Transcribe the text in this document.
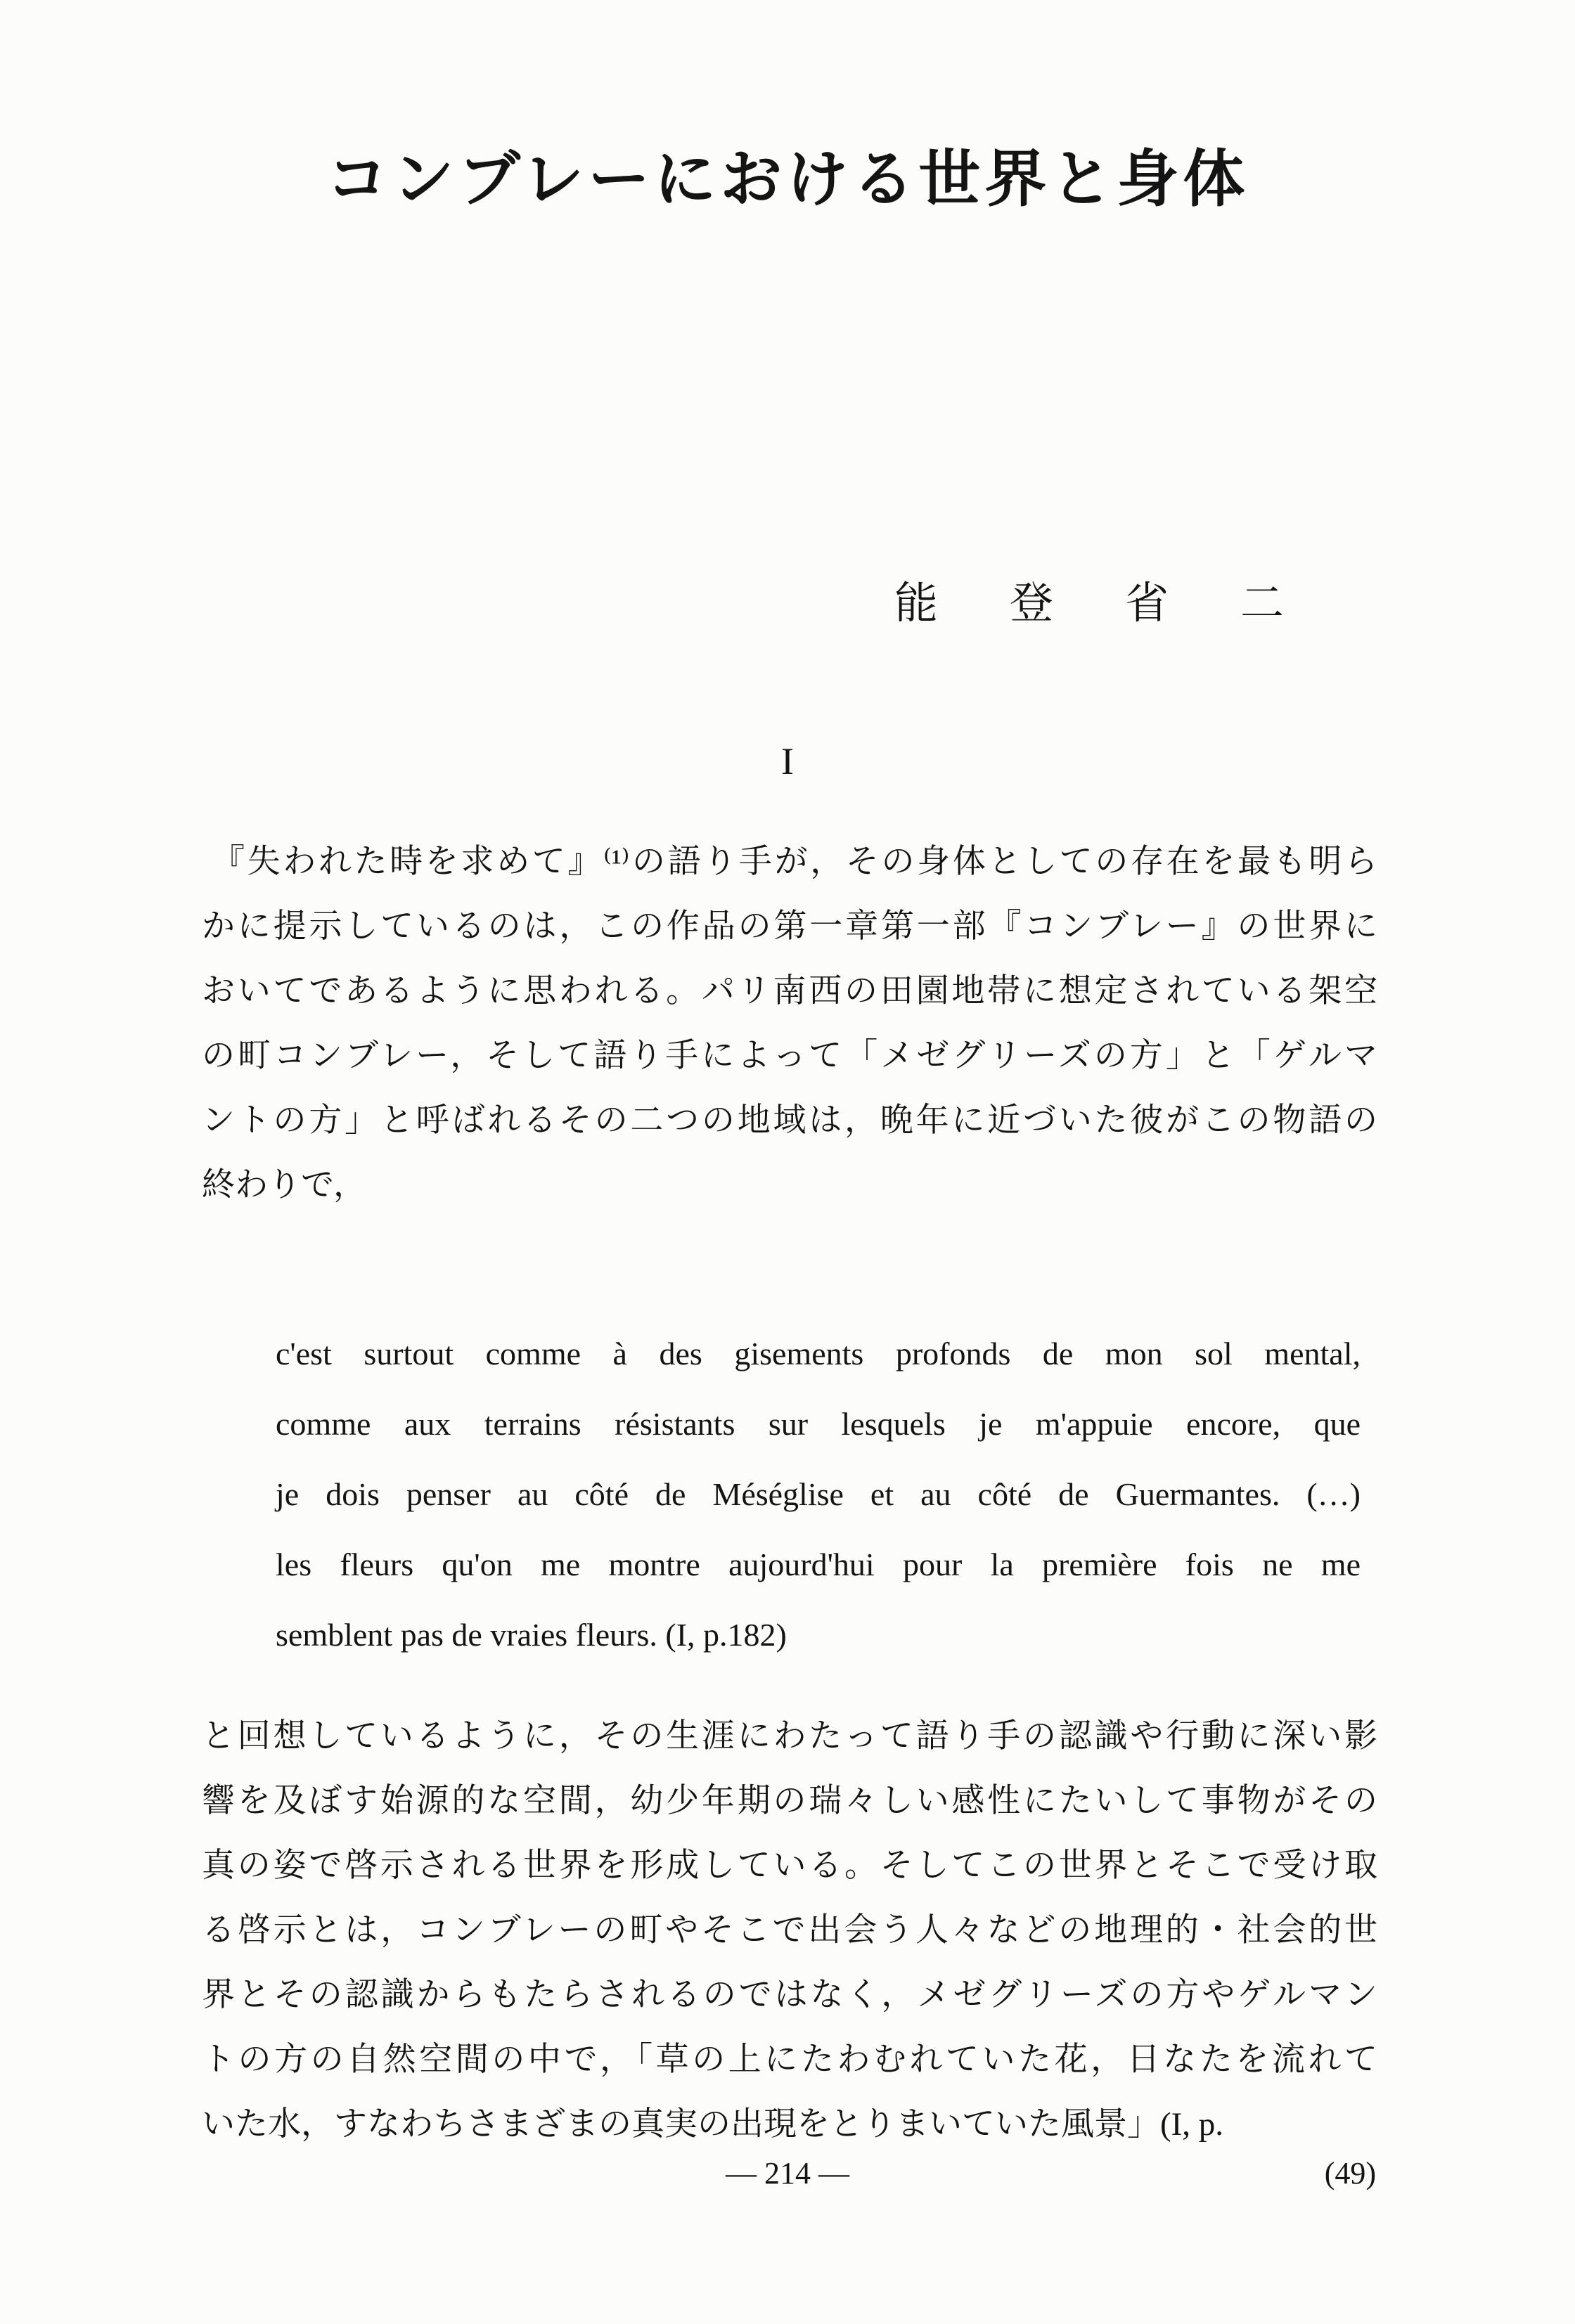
コンブレーにおける世界と身体
能　登　省　二
I
『失われた時を求めて』⁽¹⁾の語り手が，その身体としての存在を最も明ら
かに提示しているのは，この作品の第一章第一部『コンブレー』の世界に
おいてであるように思われる。パリ南西の田園地帯に想定されている架空
の町コンブレー，そして語り手によって「メゼグリーズの方」と「ゲルマ
ントの方」と呼ばれるその二つの地域は，晩年に近づいた彼がこの物語の
終わりで，
c'est surtout comme à des gisements profonds de mon sol mental,
comme aux terrains résistants sur lesquels je m'appuie encore, que
je dois penser au côté de Méséglise et au côté de Guermantes. (…)
les fleurs qu'on me montre aujourd'hui pour la première fois ne me
semblent pas de vraies fleurs. (I, p.182)
と回想しているように，その生涯にわたって語り手の認識や行動に深い影
響を及ぼす始源的な空間，幼少年期の瑞々しい感性にたいして事物がその
真の姿で啓示される世界を形成している。そしてこの世界とそこで受け取
る啓示とは，コンブレーの町やそこで出会う人々などの地理的・社会的世
界とその認識からもたらされるのではなく，メゼグリーズの方やゲルマン
トの方の自然空間の中で，「草の上にたわむれていた花，日なたを流れて
いた水，すなわちさまざまの真実の出現をとりまいていた風景」(I, p.
— 214 —	(49)
